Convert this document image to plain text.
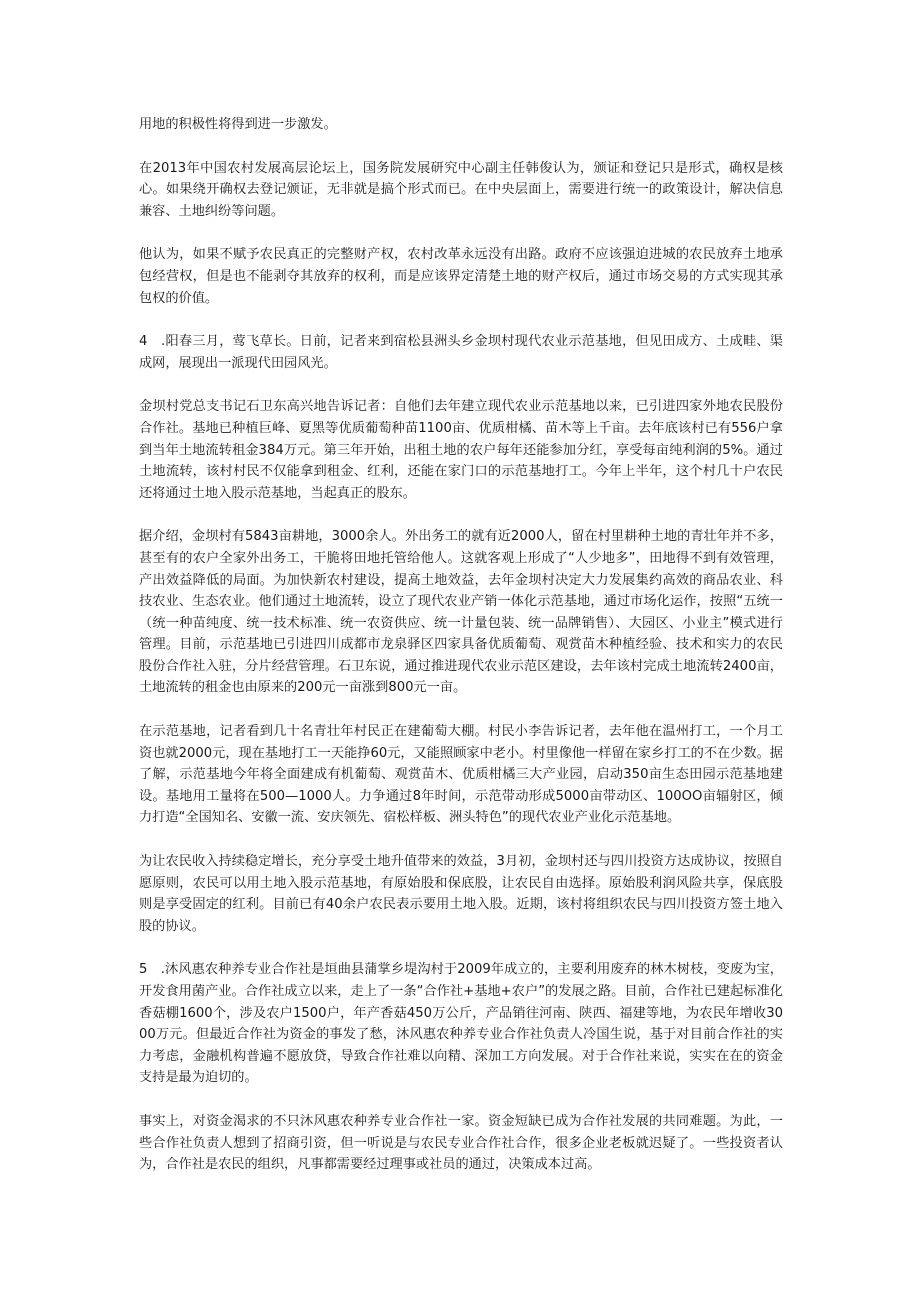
用地的积极性将得到进一步激发。

在2013年中国农村发展高层论坛上，国务院发展研究中心副主任韩俊认为，颁证和登记只是形式，确权是核心。如果绕开确权去登记颁证，无非就是搞个形式而已。在中央层面上，需要进行统一的政策设计，解决信息兼容、土地纠纷等问题。

他认为，如果不赋予农民真正的完整财产权，农村改革永远没有出路。政府不应该强迫进城的农民放弃土地承包经营权，但是也不能剥夺其放弃的权利，而是应该界定清楚土地的财产权后，通过市场交易的方式实现其承包权的价值。

4　.阳春三月，莺飞草长。日前，记者来到宿松县洲头乡金坝村现代农业示范基地，但见田成方、土成畦、渠成网，展现出一派现代田园风光。

金坝村党总支书记石卫东高兴地告诉记者：自他们去年建立现代农业示范基地以来，已引进四家外地农民股份合作社。基地已种植巨峰、夏黑等优质葡萄种苗1100亩、优质柑橘、苗木等上千亩。去年底该村已有556户拿到当年土地流转租金384万元。第三年开始，出租土地的农户每年还能参加分红，享受每亩纯利润的5%。通过土地流转，该村村民不仅能拿到租金、红利，还能在家门口的示范基地打工。今年上半年，这个村几十户农民还将通过土地入股示范基地，当起真正的股东。

据介绍，金坝村有5843亩耕地，3000余人。外出务工的就有近2000人，留在村里耕种土地的青壮年并不多，甚至有的农户全家外出务工，干脆将田地托管给他人。这就客观上形成了“人少地多”，田地得不到有效管理，产出效益降低的局面。为加快新农村建设，提高土地效益，去年金坝村决定大力发展集约高效的商品农业、科技农业、生态农业。他们通过土地流转，设立了现代农业产销一体化示范基地，通过市场化运作，按照“五统一（统一种苗纯度、统一技术标准、统一农资供应、统一计量包装、统一品牌销售）、大园区、小业主”模式进行管理。目前，示范基地已引进四川成都市龙泉驿区四家具备优质葡萄、观赏苗木种植经验、技术和实力的农民股份合作社入驻，分片经营管理。石卫东说，通过推进现代农业示范区建设，去年该村完成土地流转2400亩，土地流转的租金也由原来的200元一亩涨到800元一亩。

在示范基地，记者看到几十名青壮年村民正在建葡萄大棚。村民小李告诉记者，去年他在温州打工，一个月工资也就2000元，现在基地打工一天能挣60元，又能照顾家中老小。村里像他一样留在家乡打工的不在少数。据了解，示范基地今年将全面建成有机葡萄、观赏苗木、优质柑橘三大产业园，启动350亩生态田园示范基地建设。基地用工量将在500—1000人。力争通过8年时间，示范带动形成5000亩带动区、100OO亩辐射区，倾力打造“全国知名、安徽一流、安庆领先、宿松样板、洲头特色”的现代农业产业化示范基地。

为让农民收入持续稳定增长，充分享受土地升值带来的效益，3月初，金坝村还与四川投资方达成协议，按照自愿原则，农民可以用土地入股示范基地，有原始股和保底股，让农民自由选择。原始股利润风险共享，保底股则是享受固定的红利。目前已有40余户农民表示要用土地入股。近期，该村将组织农民与四川投资方签土地入股的协议。

5　.沐风惠农种养专业合作社是垣曲县蒲掌乡堤沟村于2009年成立的，主要利用废弃的林木树枝，变废为宝，开发食用菌产业。合作社成立以来，走上了一条“合作社+基地+农户”的发展之路。目前，合作社已建起标准化香菇棚1600个，涉及农户1500户，年产香菇450万公斤，产品销往河南、陕西、福建等地，为农民年增收3000万元。但最近合作社为资金的事发了愁，沐风惠农种养专业合作社负责人冷国生说，基于对目前合作社的实力考虑，金融机构普遍不愿放贷，导致合作社难以向精、深加工方向发展。对于合作社来说，实实在在的资金支持是最为迫切的。

事实上，对资金渴求的不只沐风惠农种养专业合作社一家。资金短缺已成为合作社发展的共同难题。为此，一些合作社负责人想到了招商引资，但一听说是与农民专业合作社合作，很多企业老板就迟疑了。一些投资者认为，合作社是农民的组织，凡事都需要经过理事或社员的通过，决策成本过高。
